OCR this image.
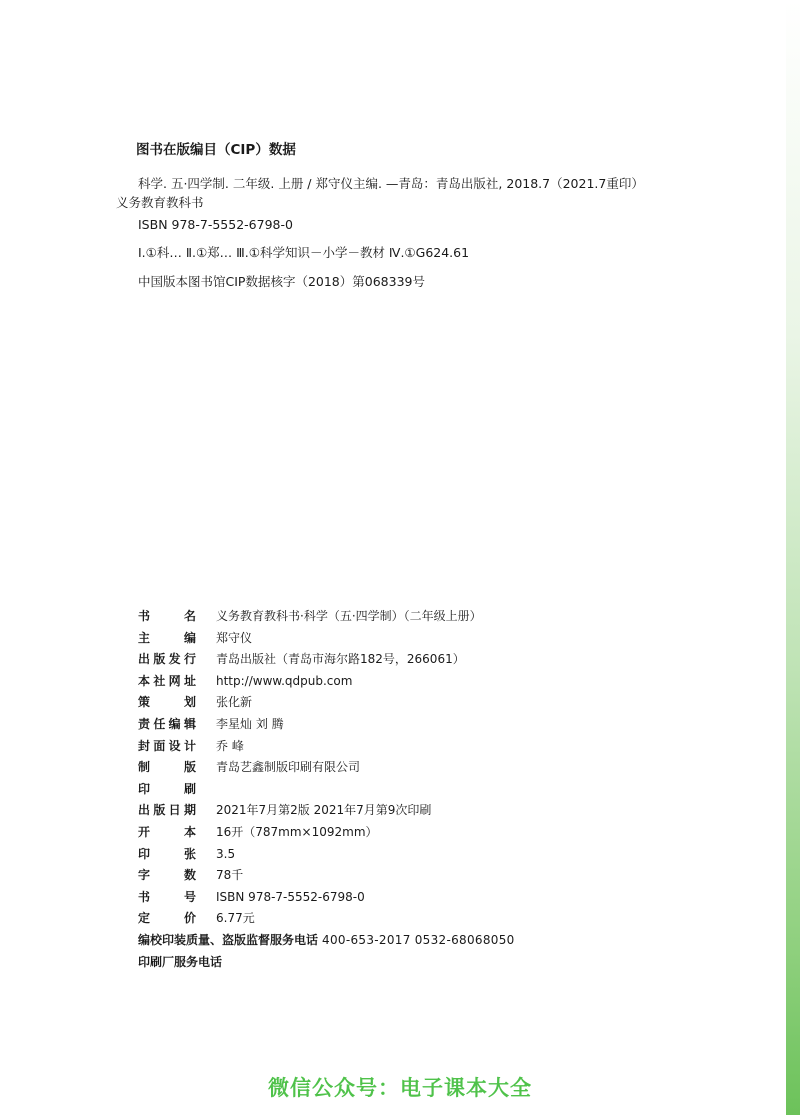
图书在版编目（CIP）数据
科学. 五·四学制. 二年级. 上册 / 郑守仪主编. —青岛：青岛出版社, 2018.7（2021.7重印）
义务教育教科书
ISBN 978-7-5552-6798-0
Ⅰ.①科… Ⅱ.①郑… Ⅲ.①科学知识－小学－教材 Ⅳ.①G624.61
中国版本图书馆CIP数据核字（2018）第068339号
书	名 义务教育教科书·科学（五·四学制）（二年级上册）
主	编 郑守仪
出 版 发 行 青岛出版社（青岛市海尔路182号，266061）
本 社 网 址 http://www.qdpub.com
策	划 张化新
责 任 编 辑 李星灿 刘 腾
封 面 设 计 乔 峰
制	版 青岛艺鑫制版印刷有限公司
印	刷
出 版 日 期 2021年7月第2版 2021年7月第9次印刷
开	本 16开（787mm×1092mm）
印	张 3.5
字	数 78千
书	号 ISBN 978-7-5552-6798-0
定	价 6.77元
编校印装质量、盗版监督服务电话 400-653-2017 0532-68068050
印刷厂服务电话
微信公众号：电子课本大全
